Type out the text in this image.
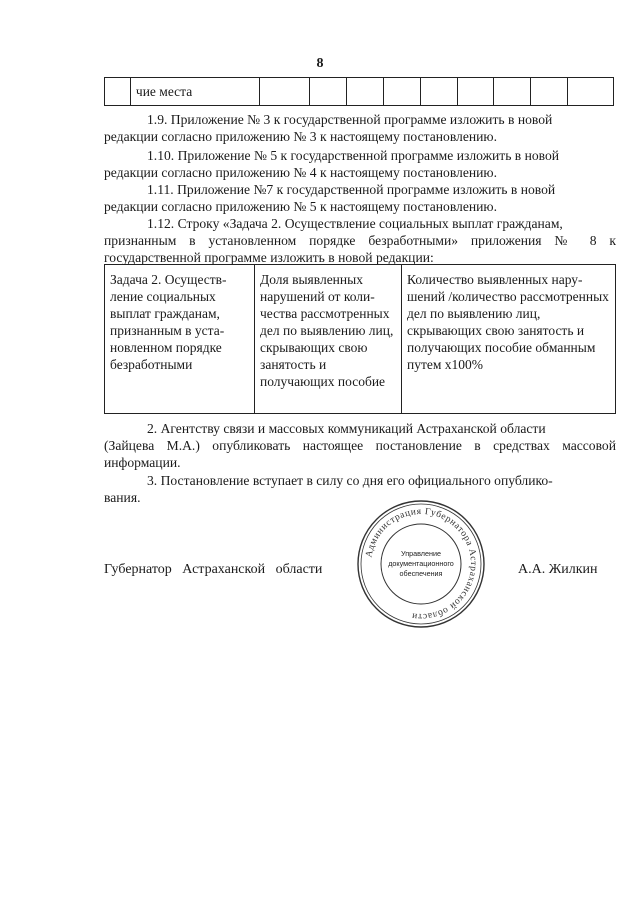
8
чие места

1.9. Приложение № 3 к государственной программе изложить в новой
редакции согласно приложению № 3 к настоящему постановлению.

1.10. Приложение № 5 к государственной программе изложить в новой
редакции согласно приложению № 4 к настоящему постановлению.

1.11. Приложение №7 к государственной программе изложить в новой
редакции согласно приложению № 5 к настоящему постановлению.

1.12. Строку «Задача 2. Осуществление социальных выплат гражданам,
признанным в установленном порядке безработными» приложения № 8 к государственной программе изложить в новой редакции:

Задача 2. Осуществление социальных выплат гражданам, признанным в установленном порядке безработными
Доля выявленных нарушений от количества рассмотренных дел по выявлению лиц, скрывающих свою занятость и получающих пособие
Количество выявленных нарушений /количество рассмотренных дел по выявлению лиц, скрывающих свою занятость и получающих пособие обманным путем х100%

2. Агентству связи и массовых коммуникаций Астраханской области
(Зайцева М.А.) опубликовать настоящее постановление в средствах массовой информации.

3. Постановление вступает в силу со дня его официального опублико-
вания.

Губернатор Астраханской области	А.А. Жилкин
Администрация Губернатора Астраханской области
Управление
документационного
обеспечения
